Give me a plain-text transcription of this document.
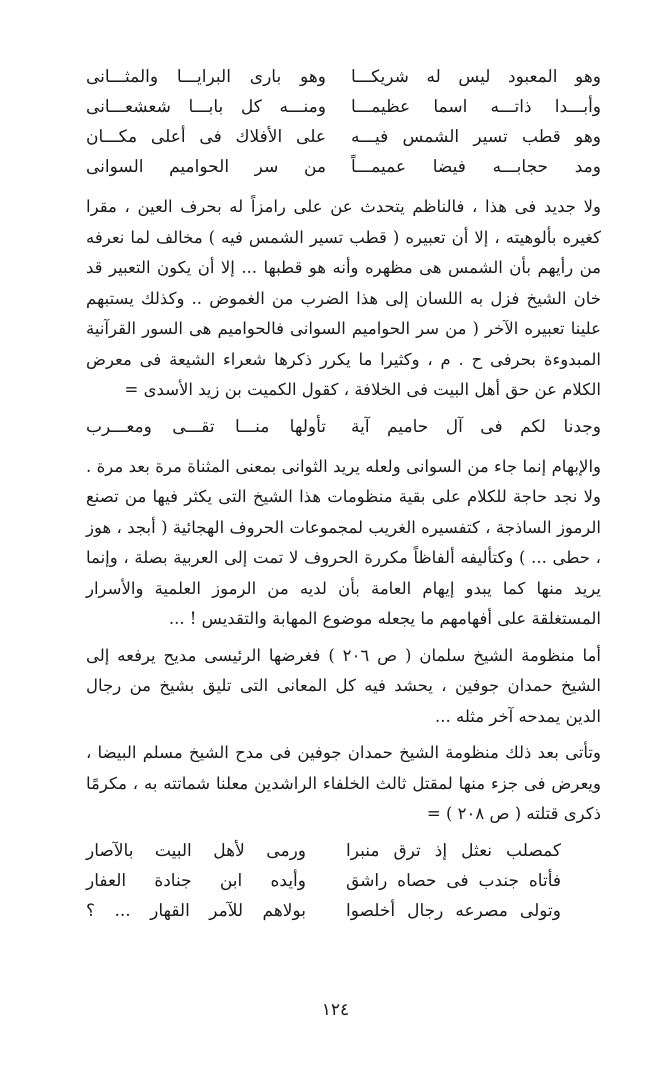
وهو المعبود ليس له شريكـــا
وهو بارى البرايـــا والمثـــانى
وأبـــدا ذاتـــه اسما عظيمـــا
ومنـــه كل بابـــا شعشعـــانى
وهو قطب تسير الشمس فيـــه
على الأفلاك فى أعلى مكـــان
ومد حجابـــه فيضا عميمـــاً
من سر الحواميم السوانى

ولا جديد فى هذا ، فالناظم يتحدث عن على رامزاً له بحرف العين ، مقرا كغيره بألوهيته ، إلا أن تعبيره ( قطب تسير الشمس فيه ) مخالف لما نعرفه من رأيهم بأن الشمس هى مظهره وأنه هو قطبها ... إلا أن يكون التعبير قد خان الشيخ فزل به اللسان إلى هذا الضرب من الغموض .. وكذلك يستبهم علينا تعبيره الآخر ( من سر الحواميم السوانى فالحواميم هى السور القرآنية المبدوءة بحرفى ح . م ، وكثيرا ما يكرر ذكرها شعراء الشيعة فى معرض الكلام عن حق أهل البيت فى الخلافة ، كقول الكميت بن زيد الأسدى =

وجدنا لكم فى آل حاميم آية
تأولها منـــا تقـــى ومعـــرب

والإبهام إنما جاء من السوانى ولعله يريد الثوانى بمعنى المثناة مرة بعد مرة . ولا نجد حاجة للكلام على بقية منظومات هذا الشيخ التى يكثر فيها من تصنع الرموز الساذجة ، كتفسيره الغريب لمجموعات الحروف الهجائية ( أبجد ، هوز ، حطى ... ) وكتأليفه ألفاظاً مكررة الحروف لا تمت إلى العربية بصلة ، وإنما يريد منها كما يبدو إيهام العامة بأن لديه من الرموز العلمية والأسرار المستغلقة على أفهامهم ما يجعله موضوع المهابة والتقديس ! ...

أما منظومة الشيخ سلمان ( ص ٢٠٦ ) فغرضها الرئيسى مديح يرفعه إلى الشيخ حمدان جوفين ، يحشد فيه كل المعانى التى تليق بشيخ من رجال الدين يمدحه آخر مثله ...

وتأتى بعد ذلك منظومة الشيخ حمدان جوفين فى مدح الشيخ مسلم البيضا ، ويعرض فى جزء منها لمقتل ثالث الخلفاء الراشدين معلنا شماتته به ، مكرمًا ذكرى قتلته ( ص ٢٠٨ ) =

كمصلب نعثل إذ ترق منبرا
ورمى لأهل البيت بالآصار
فأتاه جندب فى حصاه راشق
وأيده ابن جنادة العفار
وتولى مصرعه رجال أخلصوا
بولاهم للآمر القهار ... ؟
١٢٤
